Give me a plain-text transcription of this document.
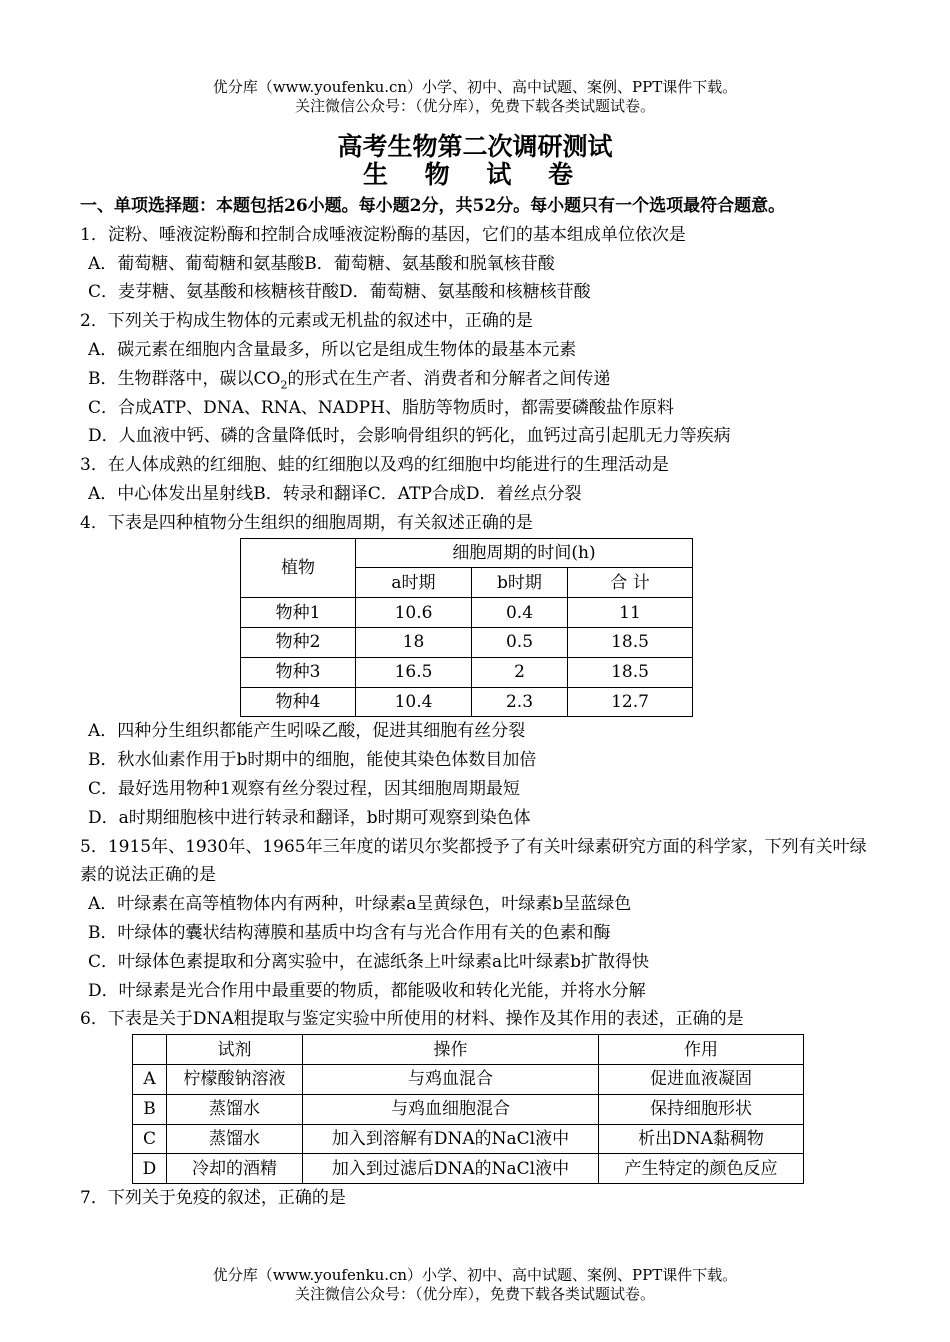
优分库（www.youfenku.cn）小学、初中、高中试题、案例、PPT课件下载。
关注微信公众号：（优分库），免费下载各类试题试卷。
高考生物第二次调研测试
生 物 试 卷
一、单项选择题：本题包括26小题。每小题2分，共52分。每小题只有一个选项最符合题意。
1．淀粉、唾液淀粉酶和控制合成唾液淀粉酶的基因，它们的基本组成单位依次是
A．葡萄糖、葡萄糖和氨基酸B．葡萄糖、氨基酸和脱氧核苷酸
C．麦芽糖、氨基酸和核糖核苷酸D．葡萄糖、氨基酸和核糖核苷酸
2．下列关于构成生物体的元素或无机盐的叙述中，正确的是
A．碳元素在细胞内含量最多，所以它是组成生物体的最基本元素
B．生物群落中，碳以$CO_2$的形式在生产者、消费者和分解者之间传递
C．合成ATP、DNA、RNA、NADPH、脂肪等物质时，都需要磷酸盐作原料
D．人血液中钙、磷的含量降低时，会影响骨组织的钙化，血钙过高引起肌无力等疾病
3．在人体成熟的红细胞、蛙的红细胞以及鸡的红细胞中均能进行的生理活动是
A．中心体发出星射线B．转录和翻译C．ATP合成D．着丝点分裂
4．下表是四种植物分生组织的细胞周期，有关叙述正确的是
植物	细胞周期的时间(h)		
	a时期	b时期	合 计
物种1	10.6	0.4	11
物种2	18	0.5	18.5
物种3	16.5	2	18.5
物种4	10.4	2.3	12.7
A．四种分生组织都能产生吲哚乙酸，促进其细胞有丝分裂
B．秋水仙素作用于b时期中的细胞，能使其染色体数目加倍
C．最好选用物种1观察有丝分裂过程，因其细胞周期最短
D．a时期细胞核中进行转录和翻译，b时期可观察到染色体
5．1915年、1930年、1965年三年度的诺贝尔奖都授予了有关叶绿素研究方面的科学家，下列有关叶绿素的说法正确的是
A．叶绿素在高等植物体内有两种，叶绿素a呈黄绿色，叶绿素b呈蓝绿色
B．叶绿体的囊状结构薄膜和基质中均含有与光合作用有关的色素和酶
C．叶绿体色素提取和分离实验中，在滤纸条上叶绿素a比叶绿素b扩散得快
D．叶绿素是光合作用中最重要的物质，都能吸收和转化光能，并将水分解
6．下表是关于DNA粗提取与鉴定实验中所使用的材料、操作及其作用的表述，正确的是
	试剂	操作	作用
A	柠檬酸钠溶液	与鸡血混合	促进血液凝固
B	蒸馏水	与鸡血细胞混合	保持细胞形状
C	蒸馏水	加入到溶解有DNA的NaCl液中	析出DNA黏稠物
D	冷却的酒精	加入到过滤后DNA的NaCl液中	产生特定的颜色反应
7．下列关于免疫的叙述，正确的是
优分库（www.youfenku.cn）小学、初中、高中试题、案例、PPT课件下载。
关注微信公众号：（优分库），免费下载各类试题试卷。
